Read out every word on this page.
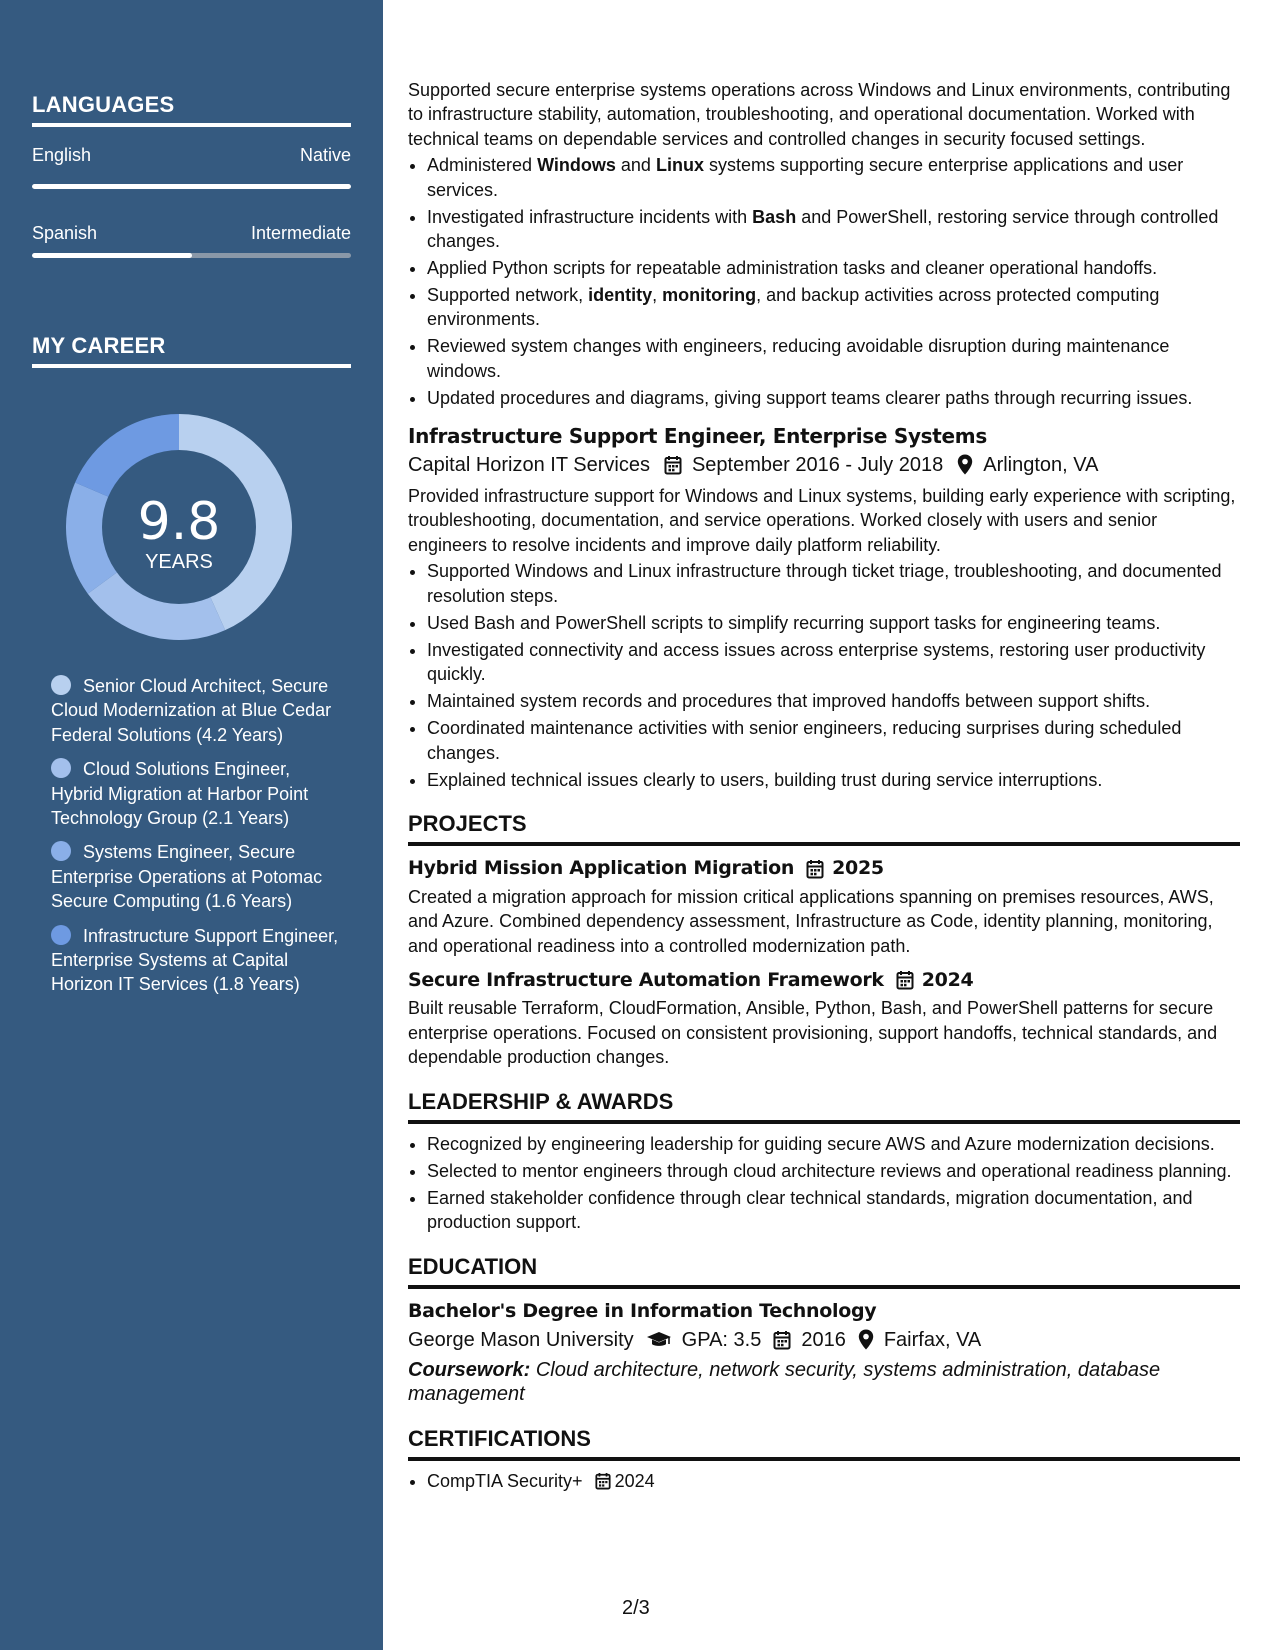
LANGUAGES
English	Native
Spanish	Intermediate
MY CAREER
9.8
YEARS
Senior Cloud Architect, Secure Cloud Modernization at Blue Cedar Federal Solutions (4.2 Years)
Cloud Solutions Engineer, Hybrid Migration at Harbor Point Technology Group (2.1 Years)
Systems Engineer, Secure Enterprise Operations at Potomac Secure Computing (1.6 Years)
Infrastructure Support Engineer, Enterprise Systems at Capital Horizon IT Services (1.8 Years)

Supported secure enterprise systems operations across Windows and Linux environments, contributing to infrastructure stability, automation, troubleshooting, and operational documentation. Worked with technical teams on dependable services and controlled changes in security focused settings.

• Administered Windows and Linux systems supporting secure enterprise applications and user services.
• Investigated infrastructure incidents with Bash and PowerShell, restoring service through controlled changes.
• Applied Python scripts for repeatable administration tasks and cleaner operational handoffs.
• Supported network, identity, monitoring, and backup activities across protected computing environments.
• Reviewed system changes with engineers, reducing avoidable disruption during maintenance windows.
• Updated procedures and diagrams, giving support teams clearer paths through recurring issues.
Infrastructure Support Engineer, Enterprise Systems
Capital Horizon IT Services September 2016 - July 2018 Arlington, VA

Provided infrastructure support for Windows and Linux systems, building early experience with scripting, troubleshooting, documentation, and service operations. Worked closely with users and senior engineers to resolve incidents and improve daily platform reliability.

• Supported Windows and Linux infrastructure through ticket triage, troubleshooting, and documented resolution steps.
• Used Bash and PowerShell scripts to simplify recurring support tasks for engineering teams.
• Investigated connectivity and access issues across enterprise systems, restoring user productivity quickly.
• Maintained system records and procedures that improved handoffs between support shifts.
• Coordinated maintenance activities with senior engineers, reducing surprises during scheduled changes.
• Explained technical issues clearly to users, building trust during service interruptions.
PROJECTS
Hybrid Mission Application Migration 2025

Created a migration approach for mission critical applications spanning on premises resources, AWS, and Azure. Combined dependency assessment, Infrastructure as Code, identity planning, monitoring, and operational readiness into a controlled modernization path.

Secure Infrastructure Automation Framework 2024

Built reusable Terraform, CloudFormation, Ansible, Python, Bash, and PowerShell patterns for secure enterprise operations. Focused on consistent provisioning, support handoffs, technical standards, and dependable production changes.

LEADERSHIP & AWARDS
• Recognized by engineering leadership for guiding secure AWS and Azure modernization decisions.
• Selected to mentor engineers through cloud architecture reviews and operational readiness planning.
• Earned stakeholder confidence through clear technical standards, migration documentation, and production support.
EDUCATION
Bachelor's Degree in Information Technology
George Mason University GPA: 3.5 2016 Fairfax, VA

Coursework: Cloud architecture, network security, systems administration, database management

CERTIFICATIONS
• CompTIA Security+ 2024
2/3
